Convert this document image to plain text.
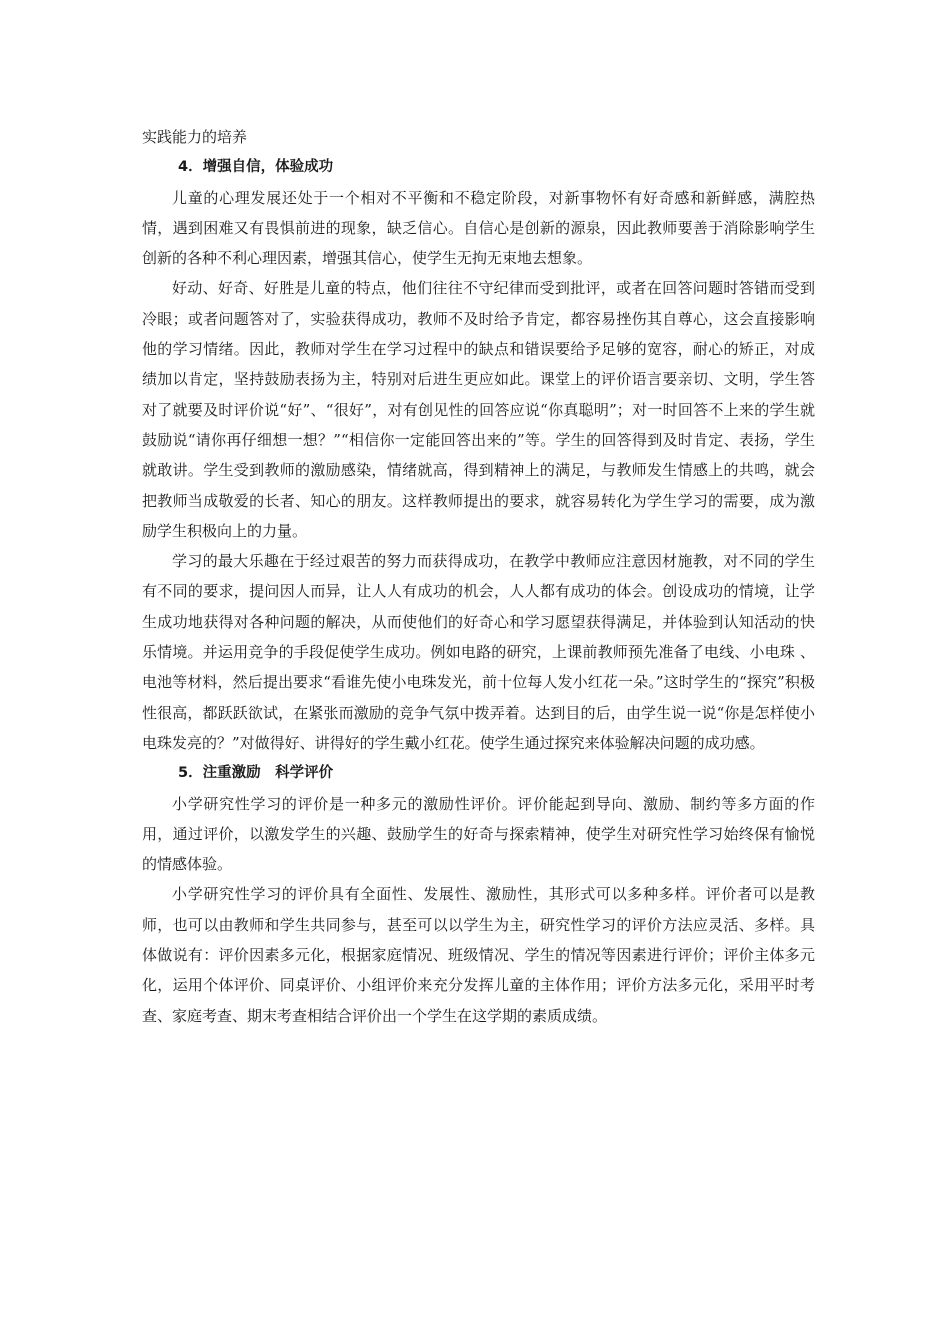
实践能力的培养

4．增强自信，体验成功

儿童的心理发展还处于一个相对不平衡和不稳定阶段，对新事物怀有好奇感和新鲜感，满腔热情，遇到困难又有畏惧前进的现象，缺乏信心。自信心是创新的源泉，因此教师要善于消除影响学生创新的各种不利心理因素，增强其信心，使学生无拘无束地去想象。

好动、好奇、好胜是儿童的特点，他们往往不守纪律而受到批评，或者在回答问题时答错而受到冷眼；或者问题答对了，实验获得成功，教师不及时给予肯定，都容易挫伤其自尊心，这会直接影响他的学习情绪。因此，教师对学生在学习过程中的缺点和错误要给予足够的宽容，耐心的矫正，对成绩加以肯定，坚持鼓励表扬为主，特别对后进生更应如此。课堂上的评价语言要亲切、文明，学生答对了就要及时评价说“好”、“很好”，对有创见性的回答应说“你真聪明”；对一时回答不上来的学生就鼓励说“请你再仔细想一想？”“相信你一定能回答出来的”等。学生的回答得到及时肯定、表扬，学生就敢讲。学生受到教师的激励感染，情绪就高，得到精神上的满足，与教师发生情感上的共鸣，就会把教师当成敬爱的长者、知心的朋友。这样教师提出的要求，就容易转化为学生学习的需要，成为激励学生积极向上的力量。

学习的最大乐趣在于经过艰苦的努力而获得成功，在教学中教师应注意因材施教，对不同的学生有不同的要求，提问因人而异，让人人有成功的机会，人人都有成功的体会。创设成功的情境，让学生成功地获得对各种问题的解决，从而使他们的好奇心和学习愿望获得满足，并体验到认知活动的快乐情境。并运用竞争的手段促使学生成功。例如电路的研究，上课前教师预先准备了电线、小电珠 、电池等材料，然后提出要求“看谁先使小电珠发光，前十位每人发小红花一朵。”这时学生的“探究”积极性很高，都跃跃欲试，在紧张而激励的竞争气氛中拨弄着。达到目的后，由学生说一说“你是怎样使小电珠发亮的？”对做得好、讲得好的学生戴小红花。使学生通过探究来体验解决问题的成功感。

5．注重激励　科学评价

小学研究性学习的评价是一种多元的激励性评价。评价能起到导向、激励、制约等多方面的作用，通过评价，以激发学生的兴趣、鼓励学生的好奇与探索精神，使学生对研究性学习始终保有愉悦的情感体验。

小学研究性学习的评价具有全面性、发展性、激励性，其形式可以多种多样。评价者可以是教师，也可以由教师和学生共同参与，甚至可以以学生为主，研究性学习的评价方法应灵活、多样。具体做说有：评价因素多元化，根据家庭情况、班级情况、学生的情况等因素进行评价；评价主体多元化，运用个体评价、同桌评价、小组评价来充分发挥儿童的主体作用；评价方法多元化，采用平时考查、家庭考查、期末考查相结合评价出一个学生在这学期的素质成绩。
